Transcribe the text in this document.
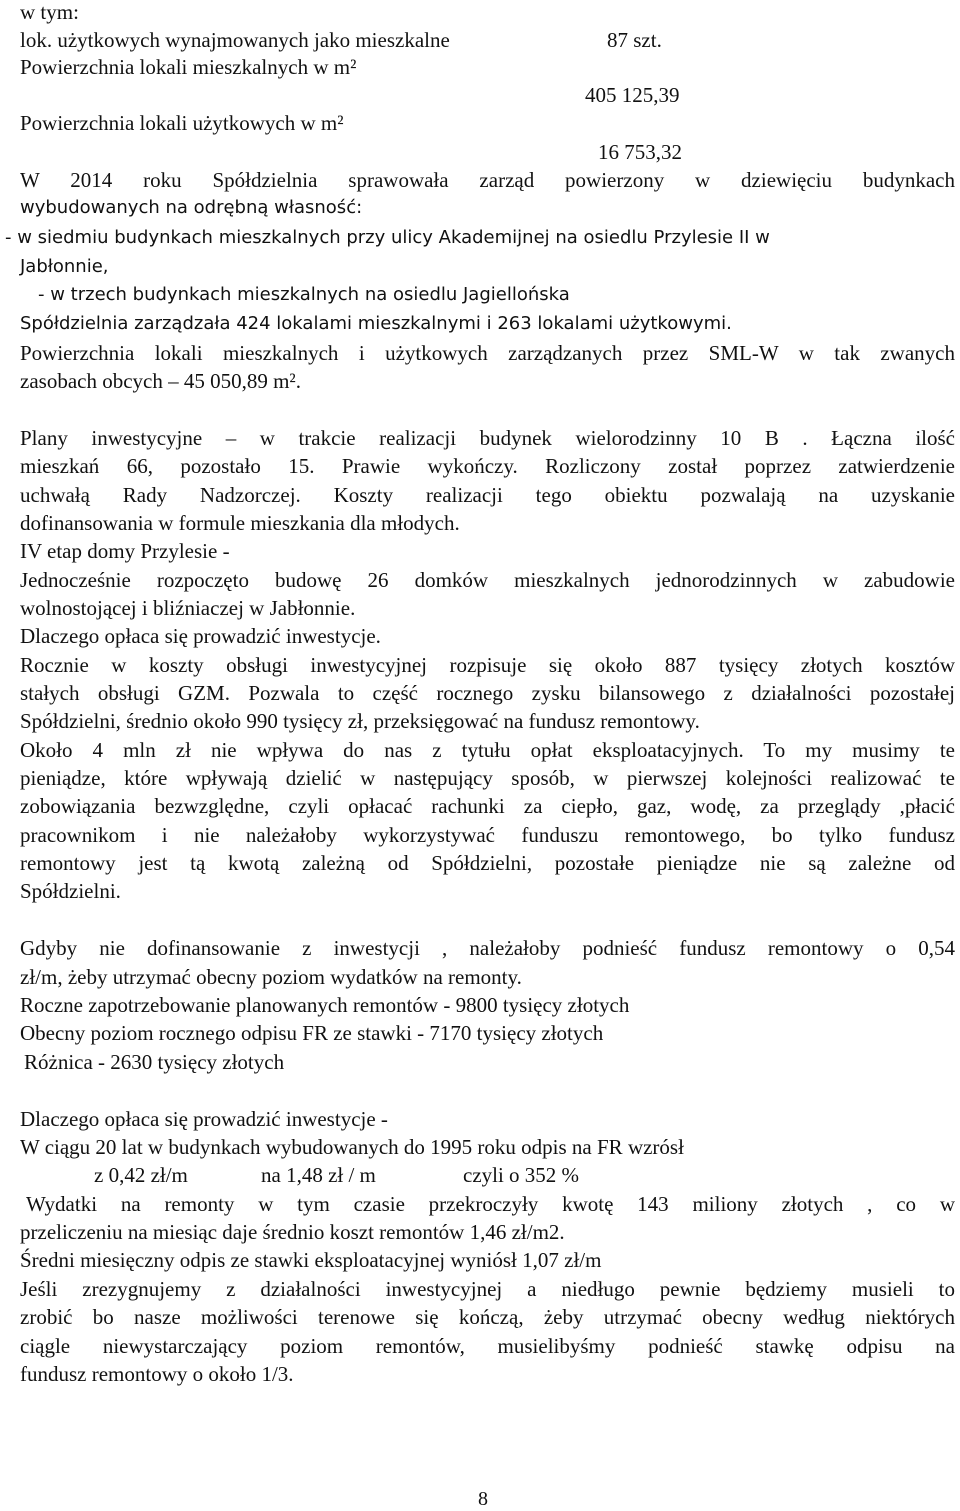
w tym:
lok. użytkowych wynajmowanych jako mieszkalne	87 szt.
Powierzchnia lokali mieszkalnych w m²
405 125,39
Powierzchnia lokali użytkowych w m²
16 753,32
W 2014 roku Spółdzielnia sprawowała zarząd powierzony w dziewięciu budynkach
wybudowanych na odrębną własność:
- w siedmiu budynkach mieszkalnych przy ulicy Akademijnej na osiedlu Przylesie II w
Jabłonnie,
- w trzech budynkach mieszkalnych na osiedlu Jagiellońska
Spółdzielnia zarządzała 424 lokalami mieszkalnymi i 263 lokalami użytkowymi.
Powierzchnia lokali mieszkalnych i użytkowych zarządzanych przez SML-W w tak zwanych
zasobach obcych – 45 050,89 m².
Plany inwestycyjne – w trakcie realizacji budynek wielorodzinny 10 B . Łączna ilość
mieszkań 66, pozostało 15. Prawie wykończy. Rozliczony został poprzez zatwierdzenie
uchwałą Rady Nadzorczej. Koszty realizacji tego obiektu pozwalają na uzyskanie
dofinansowania w formule mieszkania dla młodych.
IV etap domy Przylesie -
Jednocześnie rozpoczęto budowę 26 domków mieszkalnych jednorodzinnych w zabudowie
wolnostojącej i bliźniaczej w Jabłonnie.
Dlaczego opłaca się prowadzić inwestycje.
Rocznie w koszty obsługi inwestycyjnej rozpisuje się około 887 tysięcy złotych kosztów
stałych obsługi GZM. Pozwala to część rocznego zysku bilansowego z działalności pozostałej
Spółdzielni, średnio około 990 tysięcy zł, przeksięgować na fundusz remontowy.
Około 4 mln zł nie wpływa do nas z tytułu opłat eksploatacyjnych. To my musimy te
pieniądze, które wpływają dzielić w następujący sposób, w pierwszej kolejności realizować te
zobowiązania bezwzględne, czyli opłacać rachunki za ciepło, gaz, wodę, za przeglądy ,płacić
pracownikom i nie należałoby wykorzystywać funduszu remontowego, bo tylko fundusz
remontowy jest tą kwotą zależną od Spółdzielni, pozostałe pieniądze nie są zależne od
Spółdzielni.
Gdyby nie dofinansowanie z inwestycji , należałoby podnieść fundusz remontowy o 0,54
zł/m, żeby utrzymać obecny poziom wydatków na remonty.
Roczne zapotrzebowanie planowanych remontów - 9800 tysięcy złotych
Obecny poziom rocznego odpisu FR ze stawki - 7170 tysięcy złotych
Różnica - 2630 tysięcy złotych
Dlaczego opłaca się prowadzić inwestycje -
W ciągu 20 lat w budynkach wybudowanych do 1995 roku odpis na FR wzrósł
z 0,42 zł/m	na 1,48 zł / m	czyli o 352 %
Wydatki na remonty w tym czasie przekroczyły kwotę 143 miliony złotych , co w
przeliczeniu na miesiąc daje średnio koszt remontów 1,46 zł/m2.
Średni miesięczny odpis ze stawki eksploatacyjnej wyniósł 1,07 zł/m
Jeśli zrezygnujemy z działalności inwestycyjnej a niedługo pewnie będziemy musieli to
zrobić bo nasze możliwości terenowe się kończą, żeby utrzymać obecny według niektórych
ciągle niewystarczający poziom remontów, musielibyśmy podnieść stawkę odpisu na
fundusz remontowy o około 1/3.
8
